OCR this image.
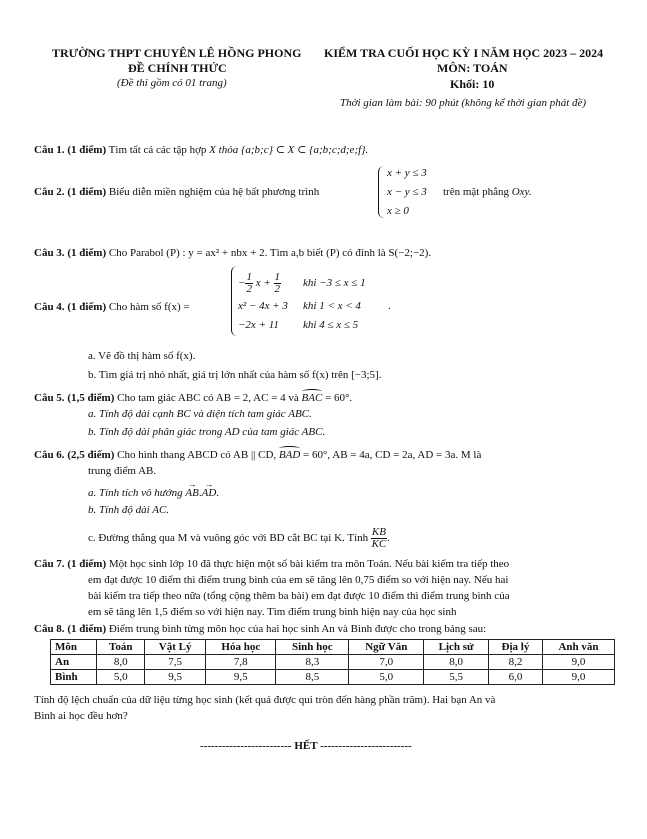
TRƯỜNG THPT CHUYÊN LÊ HỒNG PHONG
ĐỀ CHÍNH THỨC
(Đề thi gồm có 01 trang)
KIỂM TRA CUỐI HỌC KỲ I NĂM HỌC 2023 – 2024
MÔN: TOÁN
Khối: 10
Thời gian làm bài: 90 phút (không kể thời gian phát đề)
Câu 1. (1 điểm) Tìm tất cả các tập hợp X thỏa {a;b;c} ⊂ X ⊂ {a;b;c;d;e;f}.
Câu 2. (1 điểm) Biểu diễn miền nghiệm của hệ bất phương trình
x + y ≤ 3
x − y ≤ 3
x ≥ 0
trên mặt phẳng Oxy.
Câu 3. (1 điểm) Cho Parabol (P) : y = ax² + nbx + 2. Tìm a,b biết (P) có đỉnh là S(−2;−2).
Câu 4. (1 điểm) Cho hàm số f(x) =
− $\frac{1}{2}$ $x + \frac{1}{2}$ khi −3 ≤ x ≤ 1
x² − 4x + 3 khi 1 < x < 4 .
−2x + 11 khi 4 ≤ x ≤ 5
a. Vẽ đồ thị hàm số f(x).
b. Tìm giá trị nhỏ nhất, giá trị lớn nhất của hàm số f(x) trên [−3;5].
Câu 5. (1,5 điểm) Cho tam giác ABC có AB = 2, AC = 4 và BAC = 60°.
a. Tính độ dài cạnh BC và diện tích tam giác ABC.
b. Tính độ dài phân giác trong AD của tam giác ABC.
Câu 6. (2,5 điểm) Cho hình thang ABCD có AB || CD, BAD = 60°, AB = 4a, CD = 2a, AD = 3a. M là
trung điểm AB.
a. Tính tích vô hướng → AB.→ AD.
b. Tính độ dài AC.
c. Đường thẳng qua M và vuông góc với BD cắt BC tại K. Tính $\frac{KB}{KC}$ .
Câu 7. (1 điểm) Một học sinh lớp 10 đã thực hiện một số bài kiểm tra môn Toán. Nếu bài kiểm tra tiếp theo
em đạt được 10 điểm thì điểm trung bình của em sẽ tăng lên 0,75 điểm so với hiện nay. Nếu hai
bài kiểm tra tiếp theo nữa (tổng cộng thêm ba bài) em đạt được 10 điểm thì điểm trung bình của
em sẽ tăng lên 1,5 điểm so với hiện nay. Tìm điểm trung bình hiện nay của học sinh
Câu 8. (1 điểm) Điểm trung bình từng môn học của hai học sinh An và Bình được cho trong bảng sau:
Môn	Toán	Vật Lý	Hóa học	Sinh học	Ngữ Văn	Lịch sử	Địa lý	Anh văn
An	8,0	7,5	7,8	8,3	7,0	8,0	8,2	9,0
Bình	5,0	9,5	9,5	8,5	5,0	5,5	6,0	9,0
Tính độ lệch chuẩn của dữ liệu từng học sinh (kết quả được qui tròn đến hàng phần trăm). Hai bạn An và
Bình ai học đều hơn?
------------------------- HẾT -------------------------
